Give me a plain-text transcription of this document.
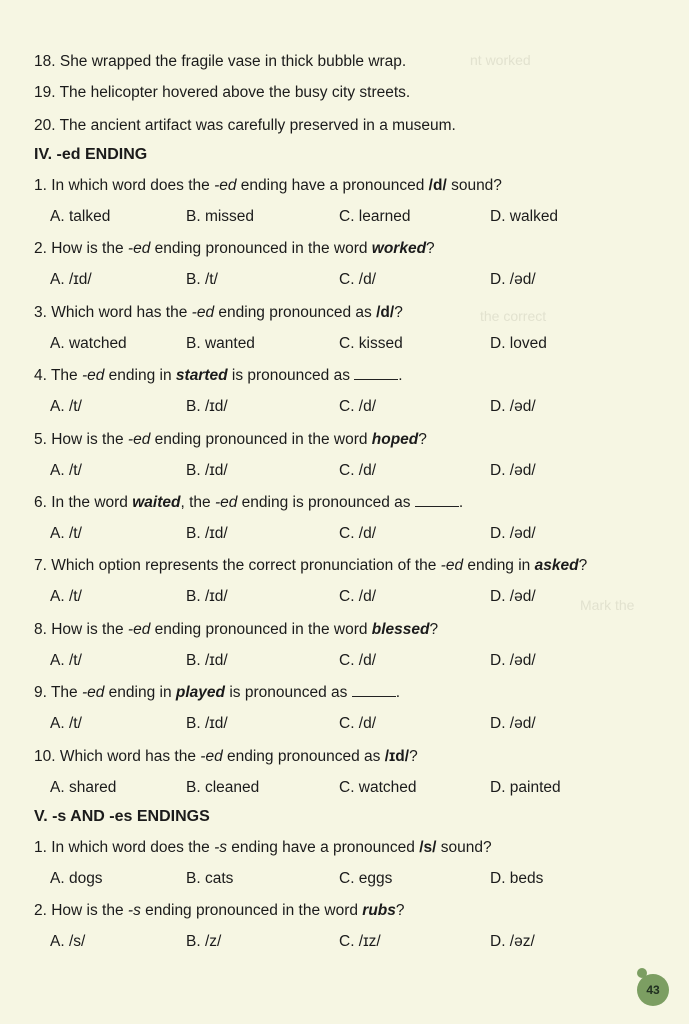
nt worked
the correct
Mark the
18. She wrapped the fragile vase in thick bubble wrap.
19. The helicopter hovered above the busy city streets.
20. The ancient artifact was carefully preserved in a museum.
IV. -ed ENDING
1. In which word does the -ed ending have a pronounced /d/ sound?
A. talked	B. missed	C. learned	D. walked
2. How is the -ed ending pronounced in the word worked?
A. /ɪd/	B. /t/	C. /d/	D. /əd/
3. Which word has the -ed ending pronounced as /d/?
A. watched	B. wanted	C. kissed	D. loved
4. The -ed ending in started is pronounced as	.
A. /t/	B. /ɪd/	C. /d/	D. /əd/
5. How is the -ed ending pronounced in the word hoped?
A. /t/	B. /ɪd/	C. /d/	D. /əd/
6. In the word waited, the -ed ending is pronounced as	.
A. /t/	B. /ɪd/	C. /d/	D. /əd/
7. Which option represents the correct pronunciation of the -ed ending in asked?
A. /t/	B. /ɪd/	C. /d/	D. /əd/
8. How is the -ed ending pronounced in the word blessed?
A. /t/	B. /ɪd/	C. /d/	D. /əd/
9. The -ed ending in played is pronounced as	.
A. /t/	B. /ɪd/	C. /d/	D. /əd/
10. Which word has the -ed ending pronounced as /ɪd/?
A. shared	B. cleaned	C. watched	D. painted
V. -s AND -es ENDINGS
1. In which word does the -s ending have a pronounced /s/ sound?
A. dogs	B. cats	C. eggs	D. beds
2. How is the -s ending pronounced in the word rubs?
A. /s/	B. /z/	C. /ɪz/	D. /əz/
43
